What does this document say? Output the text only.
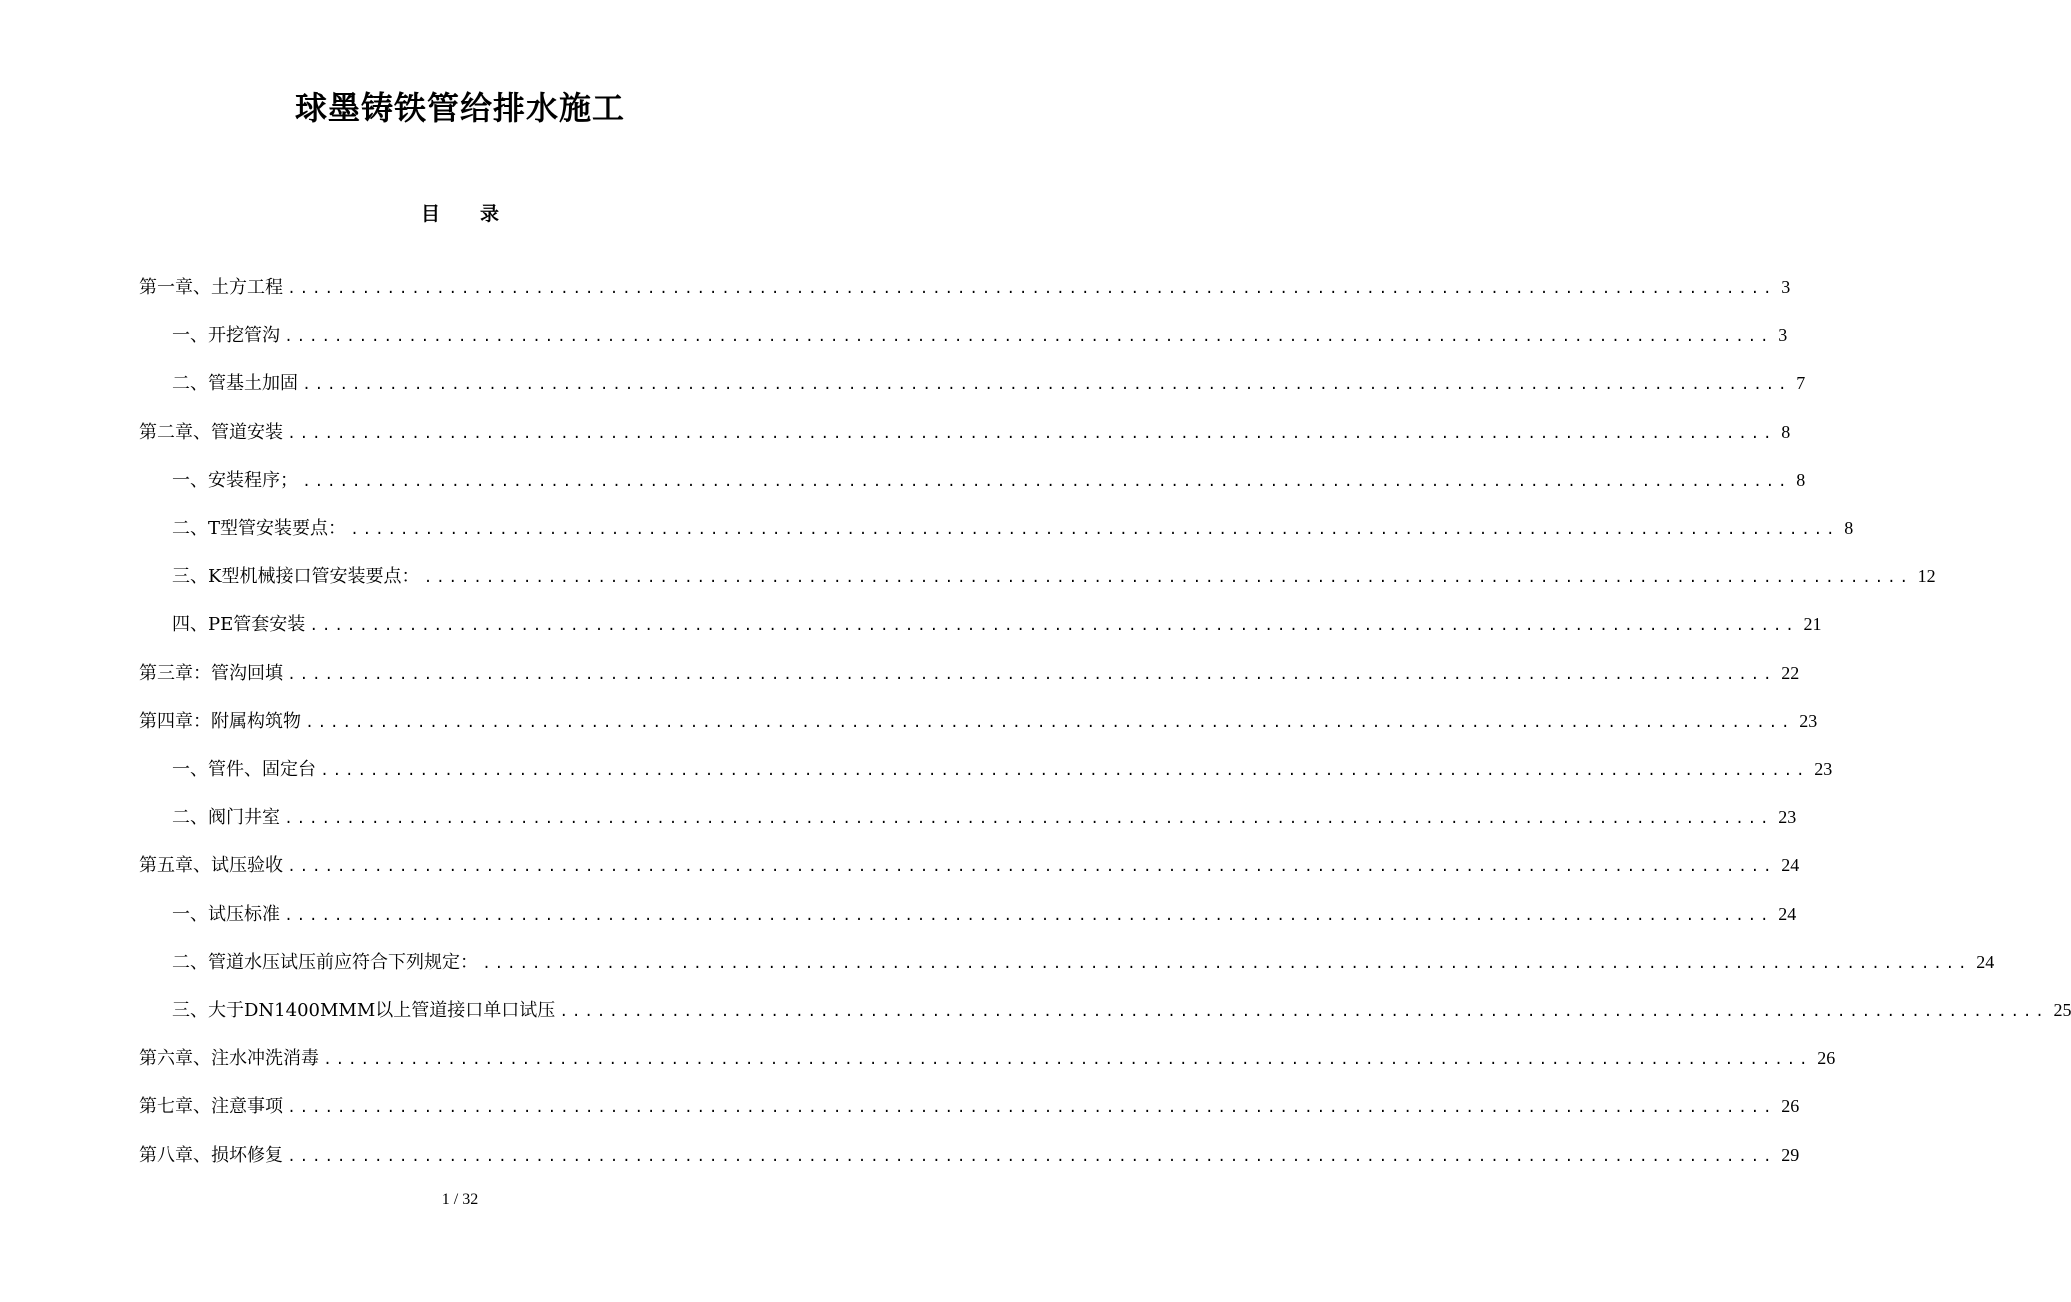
球墨铸铁管给排水施工
目 录
第一章、土方工程 ........................................................................................................................ 3
一、开挖管沟 ........................................................................................................................ 3
二、管基土加固 ........................................................................................................................ 7
第二章、管道安装 ........................................................................................................................ 8
一、安装程序； ........................................................................................................................ 8
二、T型管安装要点： ........................................................................................................................ 8
三、K型机械接口管安装要点： ........................................................................................................................ 12
四、PE管套安装 ........................................................................................................................ 21
第三章：管沟回填 ........................................................................................................................ 22
第四章：附属构筑物 ........................................................................................................................ 23
一、管件、固定台 ........................................................................................................................ 23
二、阀门井室 ........................................................................................................................ 23
第五章、试压验收 ........................................................................................................................ 24
一、试压标准 ........................................................................................................................ 24
二、管道水压试压前应符合下列规定： ........................................................................................................................ 24
三、大于DN1400MMM以上管道接口单口试压 ........................................................................................................................ 25
第六章、注水冲洗消毒 ........................................................................................................................ 26
第七章、注意事项 ........................................................................................................................ 26
第八章、损坏修复 ........................................................................................................................ 29
1 / 32
